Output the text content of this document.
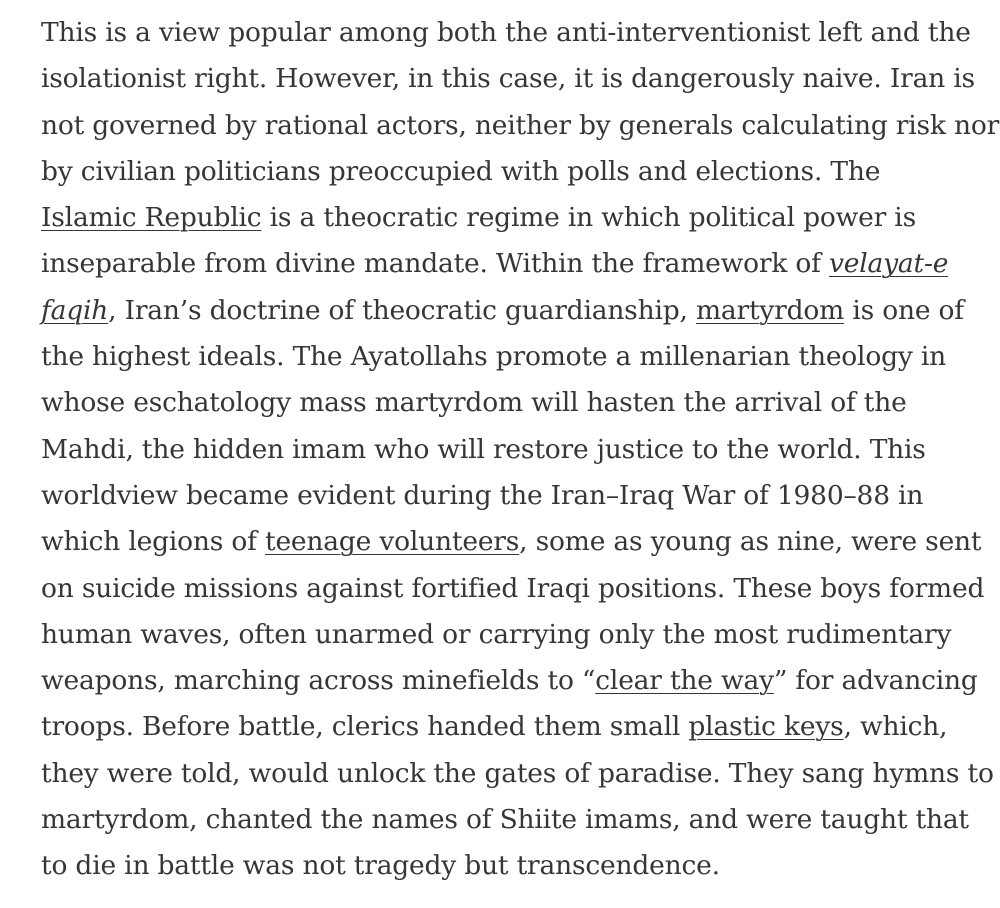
This is a view popular among both the anti-interventionist left and the
isolationist right. However, in this case, it is dangerously naive. Iran is
not governed by rational actors, neither by generals calculating risk nor
by civilian politicians preoccupied with polls and elections. The
Islamic Republic is a theocratic regime in which political power is
inseparable from divine mandate. Within the framework of velayat-e
faqih, Iran’s doctrine of theocratic guardianship, martyrdom is one of
the highest ideals. The Ayatollahs promote a millenarian theology in
whose eschatology mass martyrdom will hasten the arrival of the
Mahdi, the hidden imam who will restore justice to the world. This
worldview became evident during the Iran–Iraq War of 1980–88 in
which legions of teenage volunteers, some as young as nine, were sent
on suicide missions against fortified Iraqi positions. These boys formed
human waves, often unarmed or carrying only the most rudimentary
weapons, marching across minefields to “clear the way” for advancing
troops. Before battle, clerics handed them small plastic keys, which,
they were told, would unlock the gates of paradise. They sang hymns to
martyrdom, chanted the names of Shiite imams, and were taught that
to die in battle was not tragedy but transcendence.
